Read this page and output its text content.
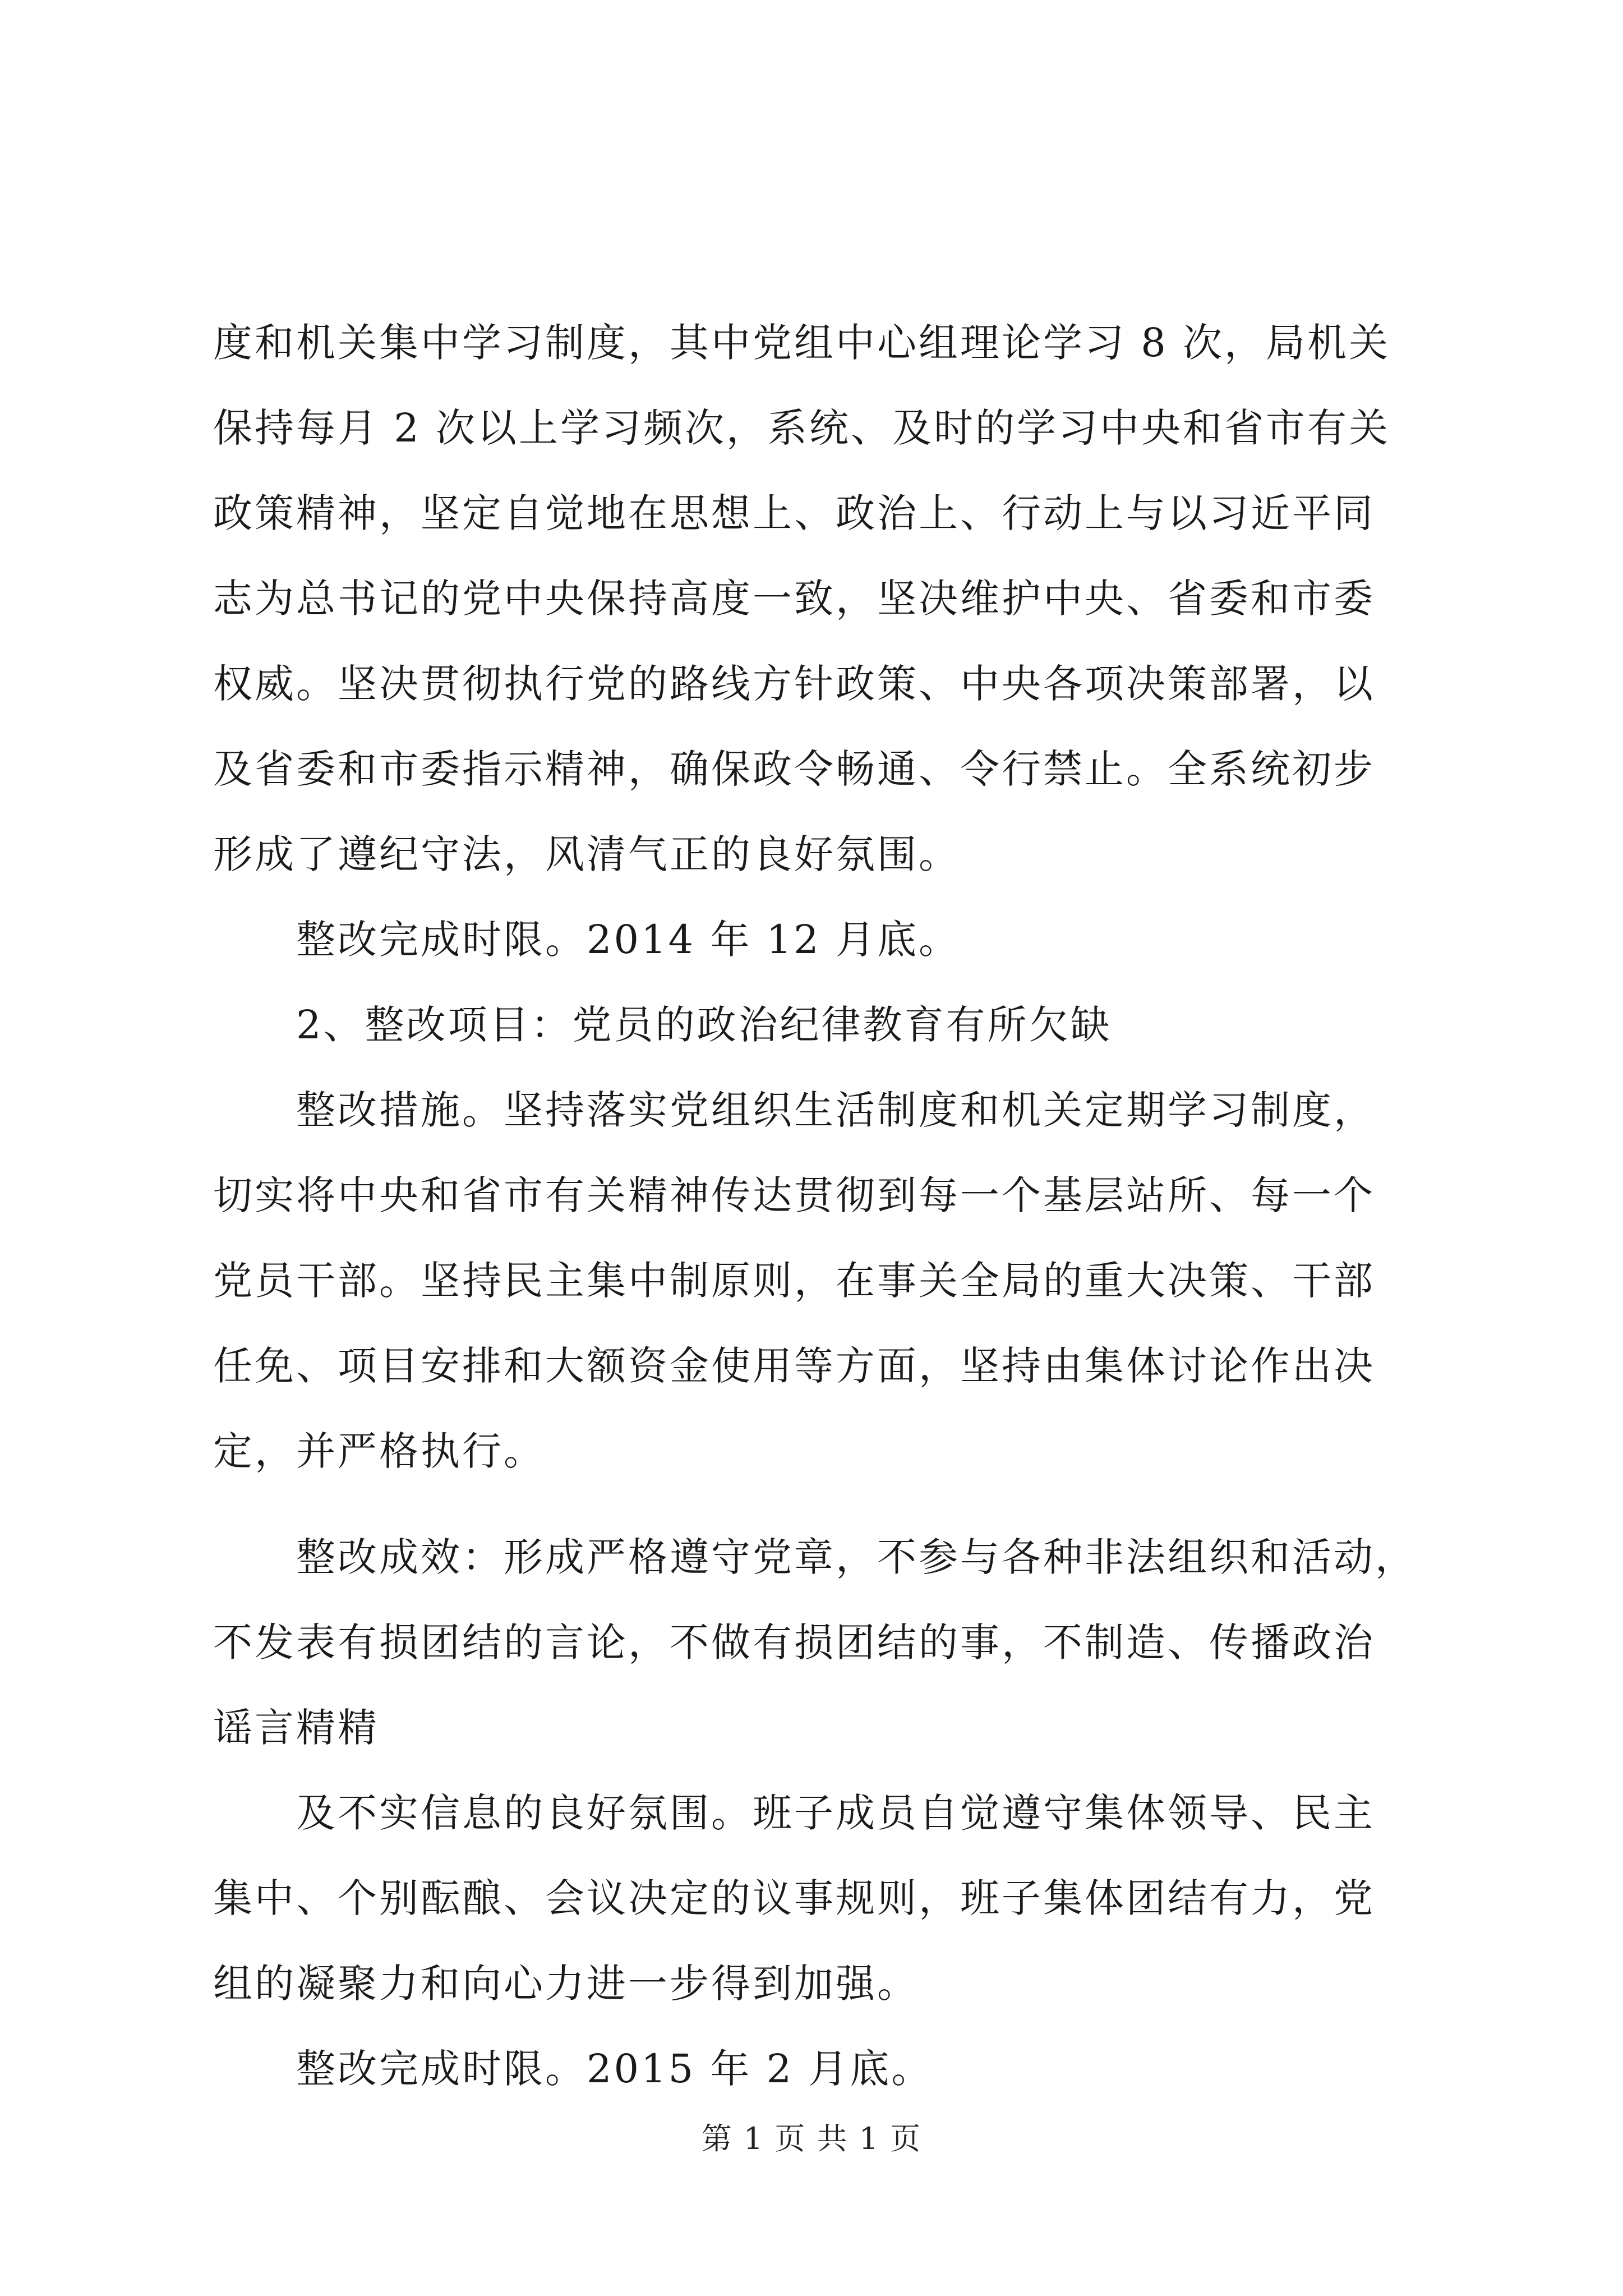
度和机关集中学习制度，其中党组中心组理论学习 8 次，局机关
保持每月 2 次以上学习频次，系统、及时的学习中央和省市有关
政策精神，坚定自觉地在思想上、政治上、行动上与以习近平同
志为总书记的党中央保持高度一致，坚决维护中央、省委和市委
权威。坚决贯彻执行党的路线方针政策、中央各项决策部署，以
及省委和市委指示精神，确保政令畅通、令行禁止。全系统初步
形成了遵纪守法，风清气正的良好氛围。
　　整改完成时限。2014 年 12 月底。
　　2、整改项目：党员的政治纪律教育有所欠缺
　　整改措施。坚持落实党组织生活制度和机关定期学习制度，
切实将中央和省市有关精神传达贯彻到每一个基层站所、每一个
党员干部。坚持民主集中制原则，在事关全局的重大决策、干部
任免、项目安排和大额资金使用等方面，坚持由集体讨论作出决
定，并严格执行。
　　整改成效：形成严格遵守党章，不参与各种非法组织和活动，
不发表有损团结的言论，不做有损团结的事，不制造、传播政治
谣言精精
　　及不实信息的良好氛围。班子成员自觉遵守集体领导、民主
集中、个别酝酿、会议决定的议事规则，班子集体团结有力，党
组的凝聚力和向心力进一步得到加强。
　　整改完成时限。2015 年 2 月底。
第 1 页 共 1 页
